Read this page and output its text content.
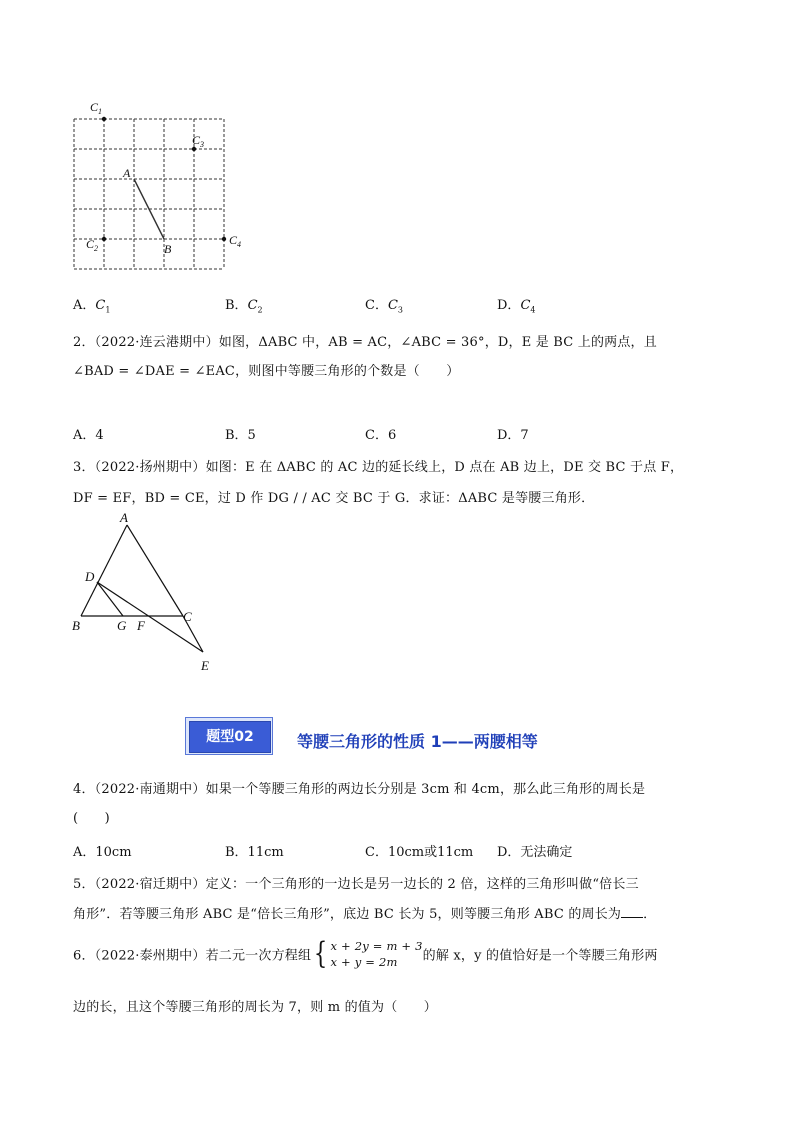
$C_1$
$C_3$
A
$C_2$	B
$C_4$
A．$C_1$	B．$C_2$	C．$C_3$	D．$C_4$
2．（2022·连云港期中）如图，ΔABC 中，AB = AC，∠ABC = 36°，D，E 是 BC 上的两点，且
∠BAD = ∠DAE = ∠EAC，则图中等腰三角形的个数是（　　）
A．4	B．5	C．6	D．7
3．（2022·扬州期中）如图：E 在 ΔABC 的 AC 边的延长线上，D 点在 AB 边上，DE 交 BC 于点 F，
DF = EF，BD = CE，过 D 作 DG / / AC 交 BC 于 G．求证：ΔABC 是等腰三角形．
A
D
B	G F
C
E
题型02	等腰三角形的性质 1——两腰相等
4．（2022·南通期中）如果一个等腰三角形的两边长分别是 3cm 和 4cm，那么此三角形的周长是
(　　)
A．10cm	B．11cm	C．10cm或11cm D．无法确定
5．（2022·宿迁期中）定义：一个三角形的一边长是另一边长的 2 倍，这样的三角形叫做“倍长三
角形”．若等腰三角形 ABC 是“倍长三角形”，底边 BC 长为 5，则等腰三角形 ABC 的周长为 ．
6．（2022·泰州期中）若二元一次方程组{ x + 2y = m + 3
x + y = 2m 的解 x，y 的值恰好是一个等腰三角形两
边的长，且这个等腰三角形的周长为 7，则 m 的值为（　　）
